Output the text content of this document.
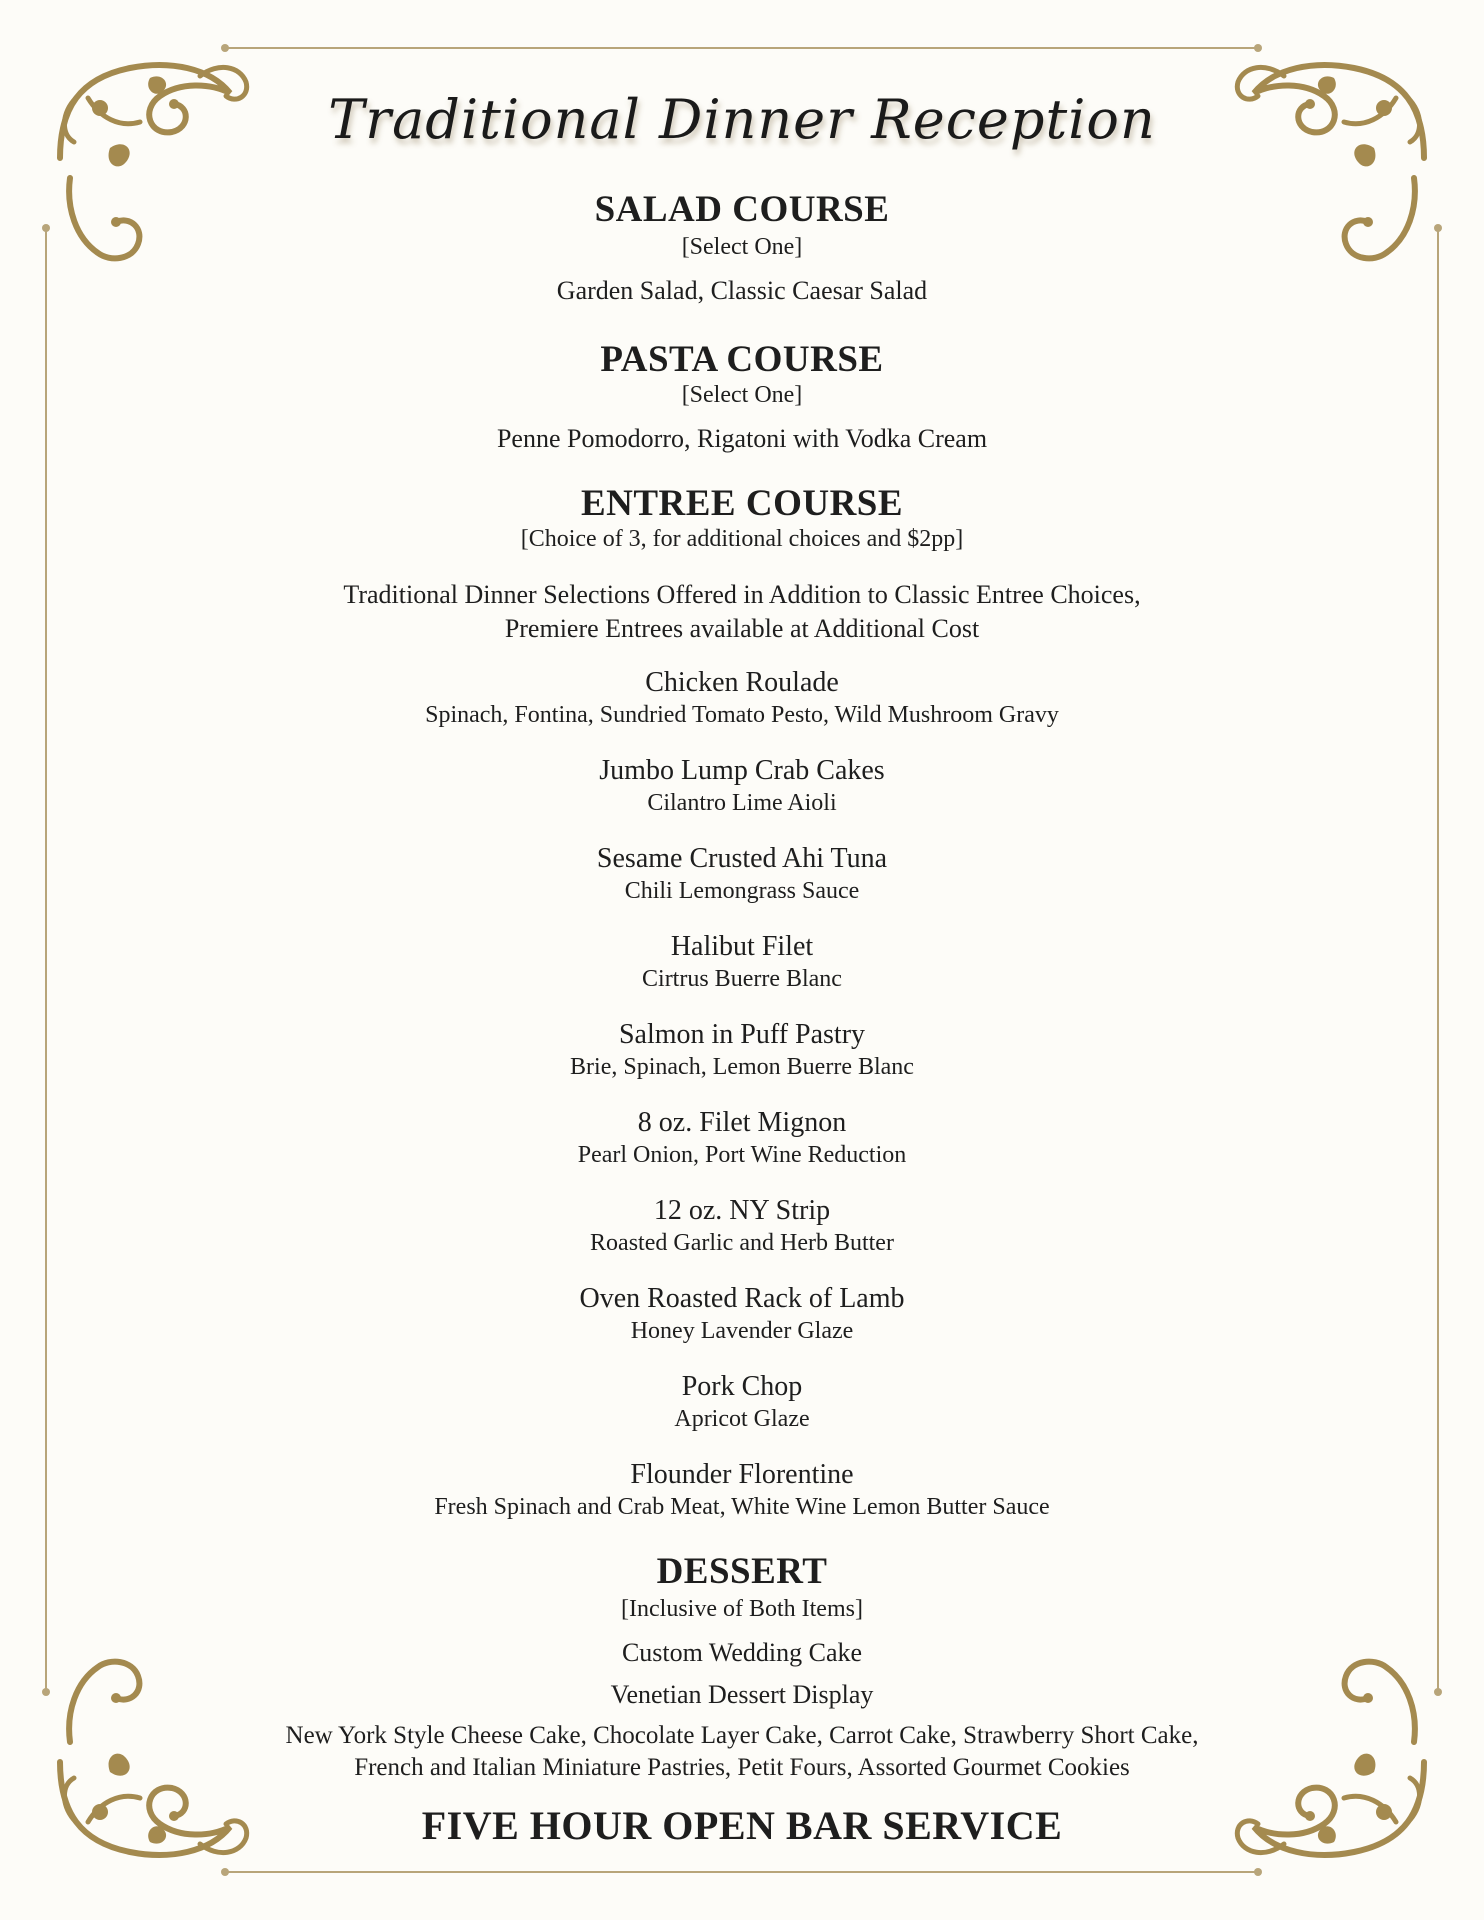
Traditional Dinner Reception
SALAD COURSE
[Select One]
Garden Salad, Classic Caesar Salad
PASTA COURSE
[Select One]
Penne Pomodorro, Rigatoni with Vodka Cream
ENTREE COURSE
[Choice of 3, for additional choices and $2pp]
Traditional Dinner Selections Offered in Addition to Classic Entree Choices,
Premiere Entrees available at Additional Cost
Chicken Roulade
Spinach, Fontina, Sundried Tomato Pesto, Wild Mushroom Gravy
Jumbo Lump Crab Cakes
Cilantro Lime Aioli
Sesame Crusted Ahi Tuna
Chili Lemongrass Sauce
Halibut Filet
Cirtrus Buerre Blanc
Salmon in Puff Pastry
Brie, Spinach, Lemon Buerre Blanc
8 oz. Filet Mignon
Pearl Onion, Port Wine Reduction
12 oz. NY Strip
Roasted Garlic and Herb Butter
Oven Roasted Rack of Lamb
Honey Lavender Glaze
Pork Chop
Apricot Glaze
Flounder Florentine
Fresh Spinach and Crab Meat, White Wine Lemon Butter Sauce
DESSERT
[Inclusive of Both Items]
Custom Wedding Cake
Venetian Dessert Display
New York Style Cheese Cake, Chocolate Layer Cake, Carrot Cake, Strawberry Short Cake,
French and Italian Miniature Pastries, Petit Fours, Assorted Gourmet Cookies
FIVE HOUR OPEN BAR SERVICE
